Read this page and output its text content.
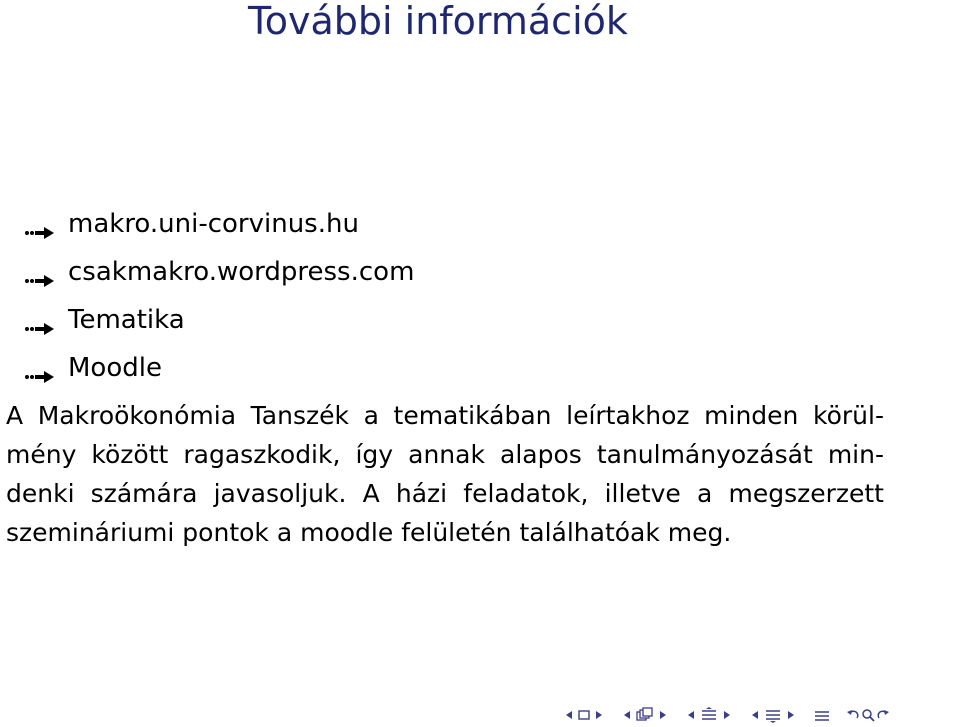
További információk
makro.uni-corvinus.hu
csakmakro.wordpress.com
Tematika
Moodle

A Makroökonómia Tanszék a tematikában leírtakhoz minden körül-
mény között ragaszkodik, így annak alapos tanulmányozását min-
denki számára javasoljuk. A házi feladatok, illetve a megszerzett
szemináriumi pontok a moodle felületén találhatóak meg.
